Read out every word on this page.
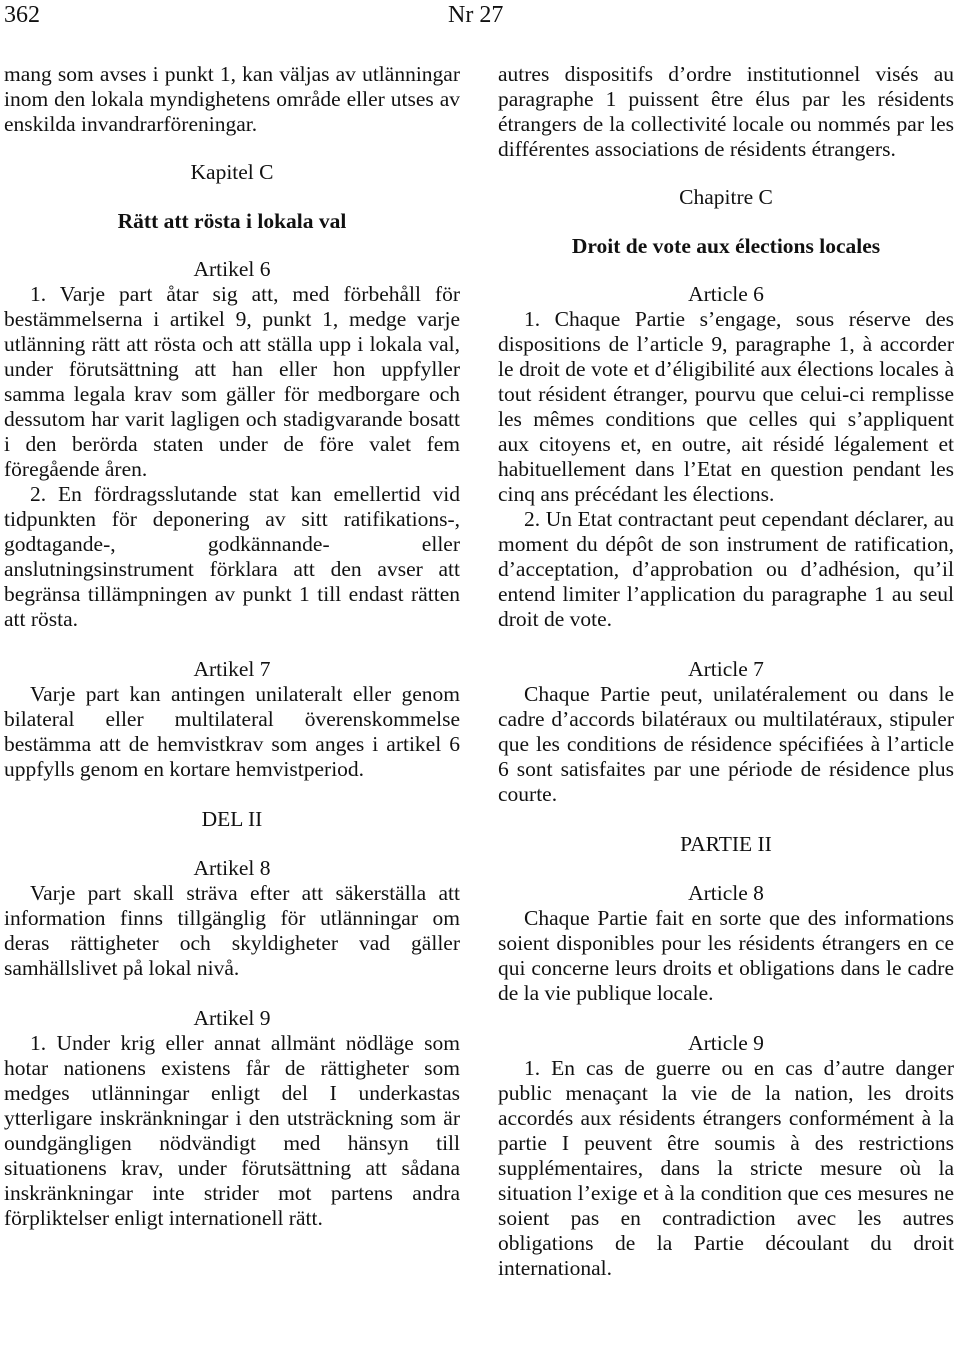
362	Nr 27

mang som avses i punkt 1, kan väljas av utlänningar inom den lokala myndighetens område eller utses av enskilda invandrarföreningar.

Kapitel C
Rätt att rösta i lokala val
Artikel 6

1. Varje part åtar sig att, med förbehåll för bestämmelserna i artikel 9, punkt 1, medge varje utlänning rätt att rösta och att ställa upp i lokala val, under förutsättning att han eller hon uppfyller samma legala krav som gäller för medborgare och dessutom har varit lagligen och stadigvarande bosatt i den berörda staten under de före valet fem föregående åren.

2. En fördragsslutande stat kan emellertid vid tidpunkten för deponering av sitt ratifikations-, godtagande-, godkännande- eller anslutningsinstrument förklara att den avser att begränsa tillämpningen av punkt 1 till endast rätten att rösta.

Artikel 7

Varje part kan antingen unilateralt eller genom bilateral eller multilateral överenskommelse bestämma att de hemvistkrav som anges i artikel 6 uppfylls genom en kortare hemvistperiod.

DEL II
Artikel 8

Varje part skall sträva efter att säkerställa att information finns tillgänglig för utlänningar om deras rättigheter och skyldigheter vad gäller samhällslivet på lokal nivå.

Artikel 9

1. Under krig eller annat allmänt nödläge som hotar nationens existens får de rättigheter som medges utlänningar enligt del I underkastas ytterligare inskränkningar i den utsträckning som är oundgängligen nödvändigt med hänsyn till situationens krav, under förutsättning att sådana inskränkningar inte strider mot partens andra förpliktelser enligt internationell rätt.

autres dispositifs d’ordre institutionnel visés au paragraphe 1 puissent être élus par les résidents étrangers de la collectivité locale ou nommés par les différentes associations de résidents étrangers.

Chapitre C
Droit de vote aux élections locales
Article 6

1. Chaque Partie s’engage, sous réserve des dispositions de l’article 9, paragraphe 1, à accorder le droit de vote et d’éligibilité aux élections locales à tout résident étranger, pourvu que celui-ci remplisse les mêmes conditions que celles qui s’appliquent aux citoyens et, en outre, ait résidé légalement et habituellement dans l’Etat en question pendant les cinq ans précédant les élections.

2. Un Etat contractant peut cependant déclarer, au moment du dépôt de son instrument de ratification, d’acceptation, d’approbation ou d’adhésion, qu’il entend limiter l’application du paragraphe 1 au seul droit de vote.

Article 7

Chaque Partie peut, unilatéralement ou dans le cadre d’accords bilatéraux ou multilatéraux, stipuler que les conditions de résidence spécifiées à l’article 6 sont satisfaites par une période de résidence plus courte.

PARTIE II
Article 8

Chaque Partie fait en sorte que des informations soient disponibles pour les résidents étrangers en ce qui concerne leurs droits et obligations dans le cadre de la vie publique locale.

Article 9

1. En cas de guerre ou en cas d’autre danger public menaçant la vie de la nation, les droits accordés aux résidents étrangers conformément à la partie I peuvent être soumis à des restrictions supplémentaires, dans la stricte mesure où la situation l’exige et à la condition que ces mesures ne soient pas en contradiction avec les autres obligations de la Partie découlant du droit international.
